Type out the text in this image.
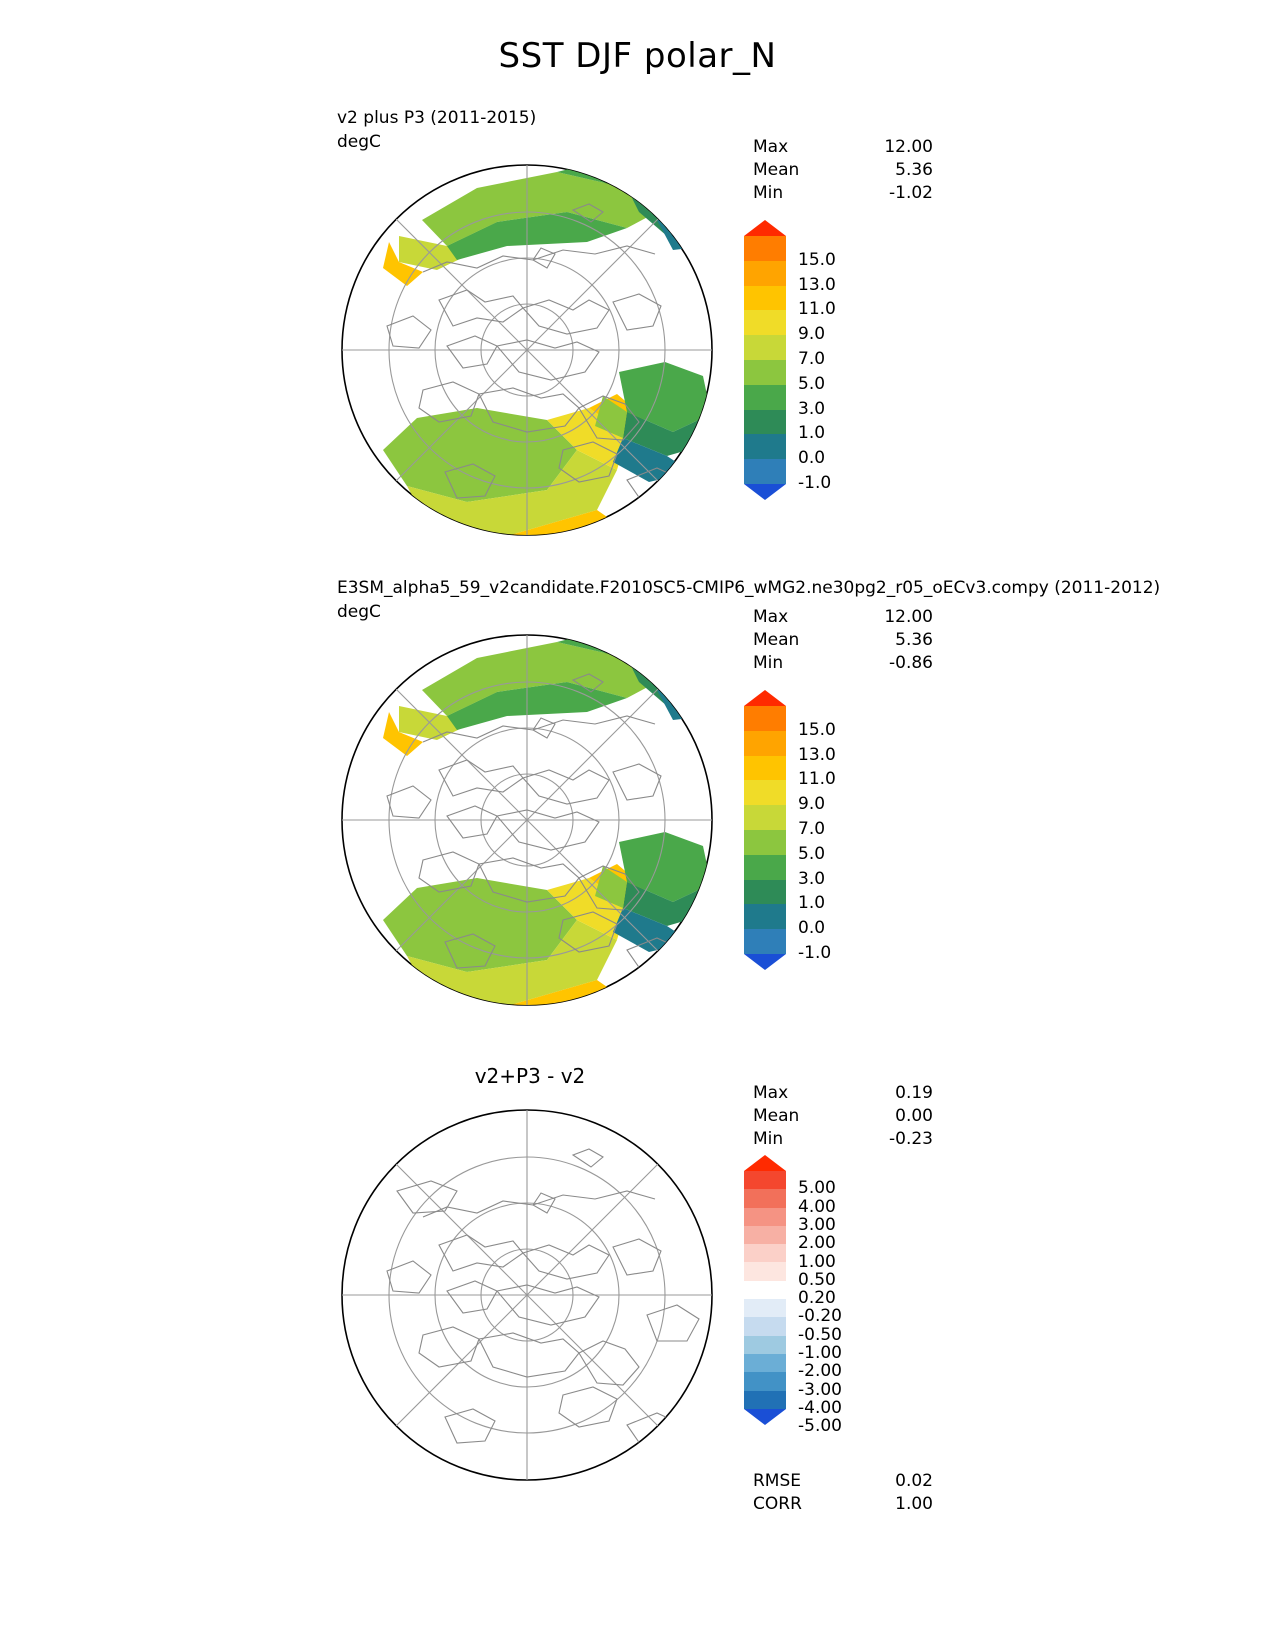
SST DJF polar_N
v2 plus P3 (2011-2015)
degC	Max	12.00
Mean	5.36
Min	-1.02
15.0
13.0
11.0
9.0
7.0
5.0
3.0
1.0
0.0
-1.0
E3SM_alpha5_59_v2candidate.F2010SC5-CMIP6_wMG2.ne30pg2_r05_oECv3.compy (2011-2012)
degC	Max	12.00
Mean	5.36
Min	-0.86
15.0
13.0
11.0
9.0
7.0
5.0
3.0
1.0
0.0
-1.0
v2+P3 - v2
Max	0.19
Mean	0.00
Min	-0.23
5.00
4.00
3.00
2.00
1.00
0.50
0.20
-0.20
-0.50
-1.00
-2.00
-3.00
-4.00
-5.00
RMSE	0.02
CORR	1.00
